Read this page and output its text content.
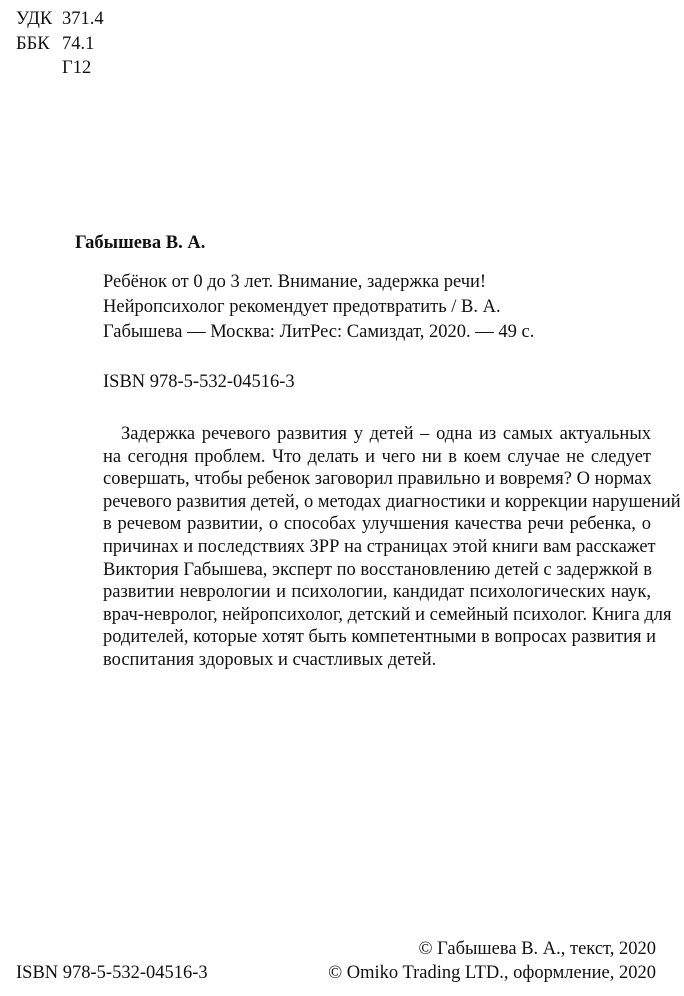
УДК 371.4
ББК 74.1
Г12
Габышева В. А.
Ребёнок от 0 до 3 лет. Внимание, задержка речи!
Нейропсихолог рекомендует предотвратить / В. А.
Габышева — Москва: ЛитРес: Самиздат, 2020. — 49 с.
ISBN 978-5-532-04516-3
Задержка речевого развития у детей – одна из самых актуальных
на сегодня проблем. Что делать и чего ни в коем случае не следует
совершать, чтобы ребенок заговорил правильно и вовремя? О нормах
речевого развития детей, о методах диагностики и коррекции нарушений
в речевом развитии, о способах улучшения качества речи ребенка, о
причинах и последствиях ЗРР на страницах этой книги вам расскажет
Виктория Габышева, эксперт по восстановлению детей с задержкой в
развитии неврологии и психологии, кандидат психологических наук,
врач-невролог, нейропсихолог, детский и семейный психолог. Книга для
родителей, которые хотят быть компетентными в вопросах развития и
воспитания здоровых и счастливых детей.
ISBN 978-5-532-04516-3
© Габышева В. А., текст, 2020
© Omiko Trading LTD., оформление, 2020
